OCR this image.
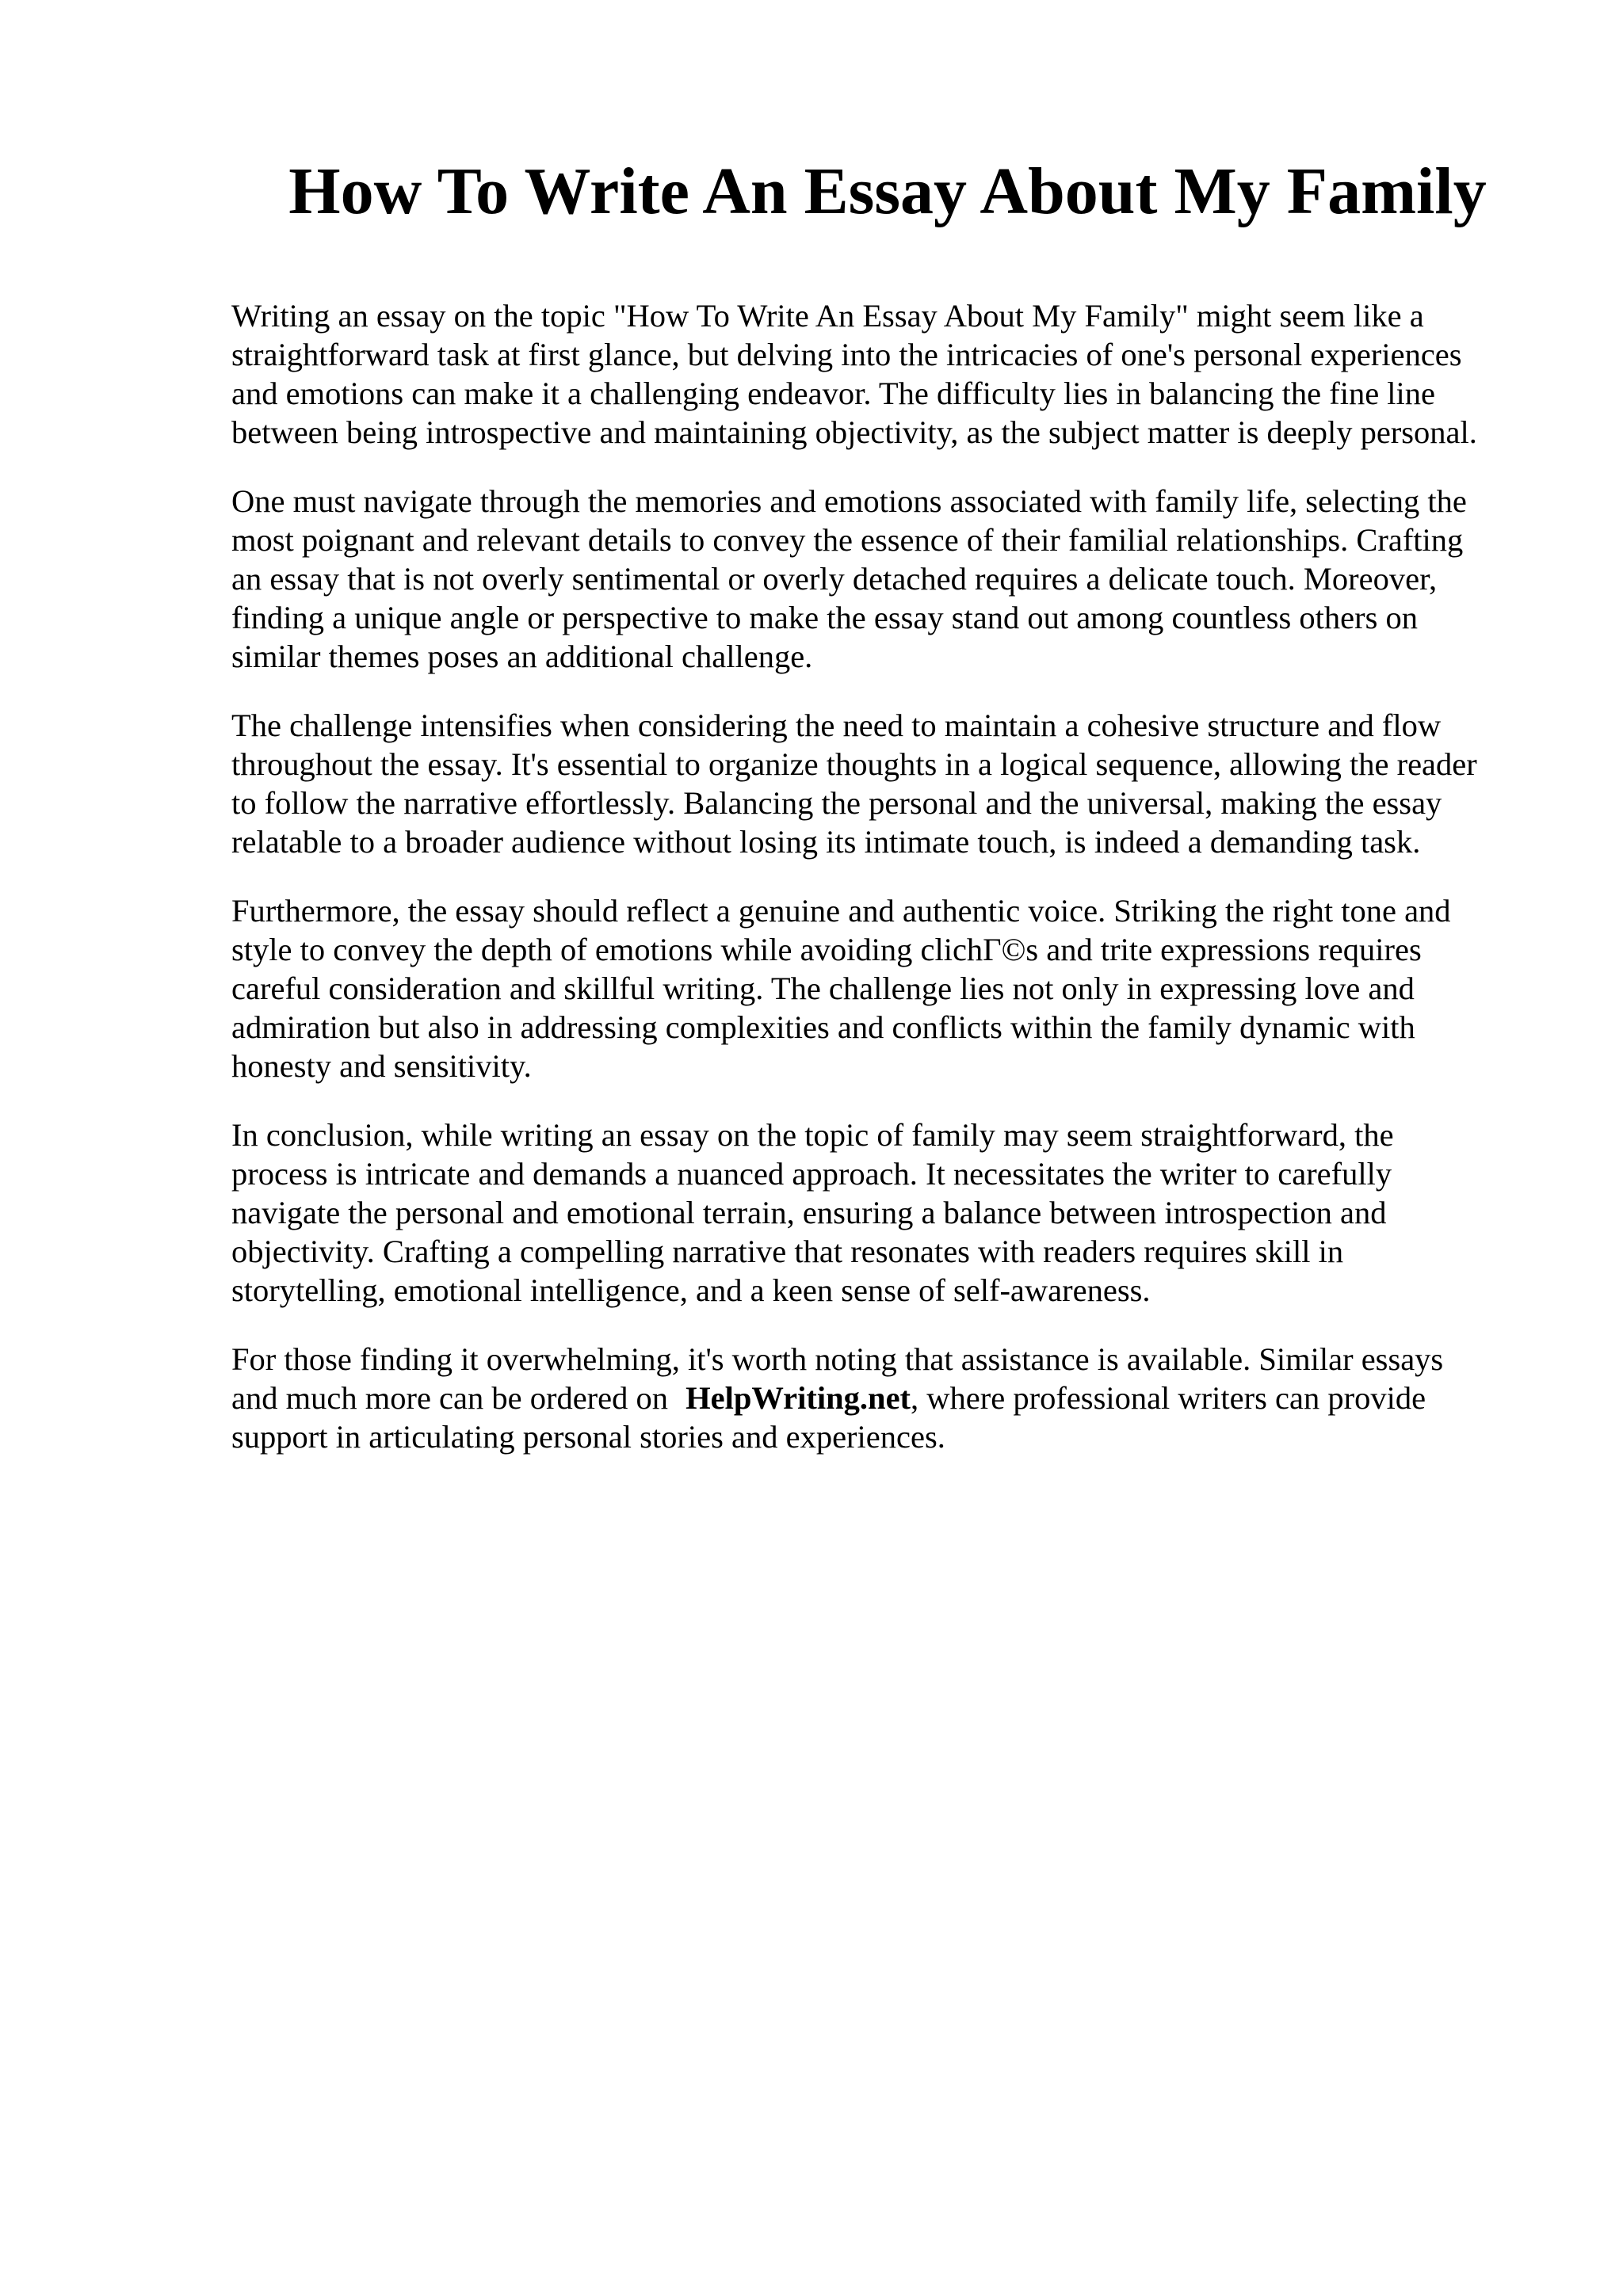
How To Write An Essay About My Family

Writing an essay on the topic "How To Write An Essay About My Family" might seem like a
straightforward task at first glance, but delving into the intricacies of one's personal experiences
and emotions can make it a challenging endeavor. The difficulty lies in balancing the fine line
between being introspective and maintaining objectivity, as the subject matter is deeply personal.

One must navigate through the memories and emotions associated with family life, selecting the
most poignant and relevant details to convey the essence of their familial relationships. Crafting
an essay that is not overly sentimental or overly detached requires a delicate touch. Moreover,
finding a unique angle or perspective to make the essay stand out among countless others on
similar themes poses an additional challenge.

The challenge intensifies when considering the need to maintain a cohesive structure and flow
throughout the essay. It's essential to organize thoughts in a logical sequence, allowing the reader
to follow the narrative effortlessly. Balancing the personal and the universal, making the essay
relatable to a broader audience without losing its intimate touch, is indeed a demanding task.

Furthermore, the essay should reflect a genuine and authentic voice. Striking the right tone and
style to convey the depth of emotions while avoiding clichГ©s and trite expressions requires
careful consideration and skillful writing. The challenge lies not only in expressing love and
admiration but also in addressing complexities and conflicts within the family dynamic with
honesty and sensitivity.

In conclusion, while writing an essay on the topic of family may seem straightforward, the
process is intricate and demands a nuanced approach. It necessitates the writer to carefully
navigate the personal and emotional terrain, ensuring a balance between introspection and
objectivity. Crafting a compelling narrative that resonates with readers requires skill in
storytelling, emotional intelligence, and a keen sense of self-awareness.

For those finding it overwhelming, it's worth noting that assistance is available. Similar essays
and much more can be ordered on HelpWriting.net, where professional writers can provide
support in articulating personal stories and experiences.
